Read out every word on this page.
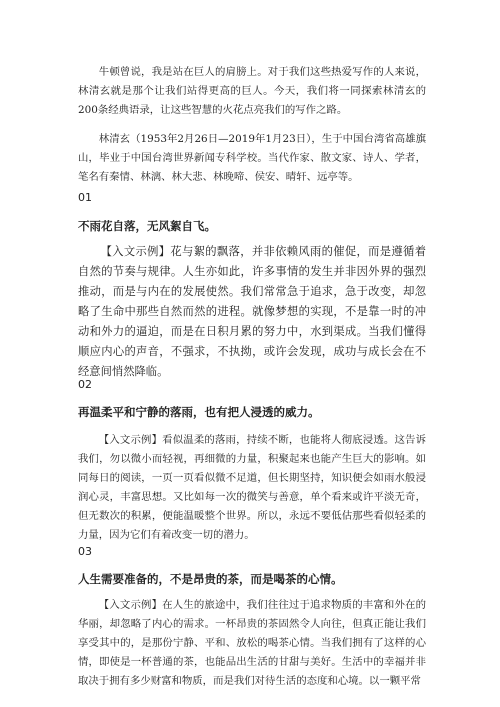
牛顿曾说，我是站在巨人的肩膀上。对于我们这些热爱写作的人来说，林清玄就是那个让我们站得更高的巨人。今天，我们将一同探索林清玄的200条经典语录，让这些智慧的火花点亮我们的写作之路。

林清玄（1953年2月26日—2019年1月23日），生于中国台湾省高雄旗山，毕业于中国台湾世界新闻专科学校。当代作家、散文家、诗人、学者，笔名有秦情、林漓、林大悲、林晚啼、侯安、晴轩、远亭等。

01

不雨花自落，无风絮自飞。

【入文示例】花与絮的飘落，并非依赖风雨的催促，而是遵循着自然的节奏与规律。人生亦如此，许多事情的发生并非因外界的强烈推动，而是与内在的发展使然。我们常常急于追求，急于改变，却忽略了生命中那些自然而然的进程。就像梦想的实现，不是靠一时的冲动和外力的逼迫，而是在日积月累的努力中，水到渠成。当我们懂得顺应内心的声音，不强求，不执拗，或许会发现，成功与成长会在不经意间悄然降临。

02

再温柔平和宁静的落雨，也有把人浸透的威力。

【入文示例】看似温柔的落雨，持续不断，也能将人彻底浸透。这告诉我们，勿以微小而轻视，再细微的力量，积聚起来也能产生巨大的影响。如同每日的阅读，一页一页看似微不足道，但长期坚持，知识便会如雨水般浸润心灵，丰富思想。又比如每一次的微笑与善意，单个看来或许平淡无奇，但无数次的积累，便能温暖整个世界。所以，永远不要低估那些看似轻柔的力量，因为它们有着改变一切的潜力。

03

人生需要准备的，不是昂贵的茶，而是喝茶的心情。

【入文示例】在人生的旅途中，我们往往过于追求物质的丰富和外在的华丽，却忽略了内心的需求。一杯昂贵的茶固然令人向往，但真正能让我们享受其中的，是那份宁静、平和、放松的喝茶心情。当我们拥有了这样的心情，即使是一杯普通的茶，也能品出生活的甘甜与美好。生活中的幸福并非取决于拥有多少财富和物质，而是我们对待生活的态度和心境。以一颗平常
